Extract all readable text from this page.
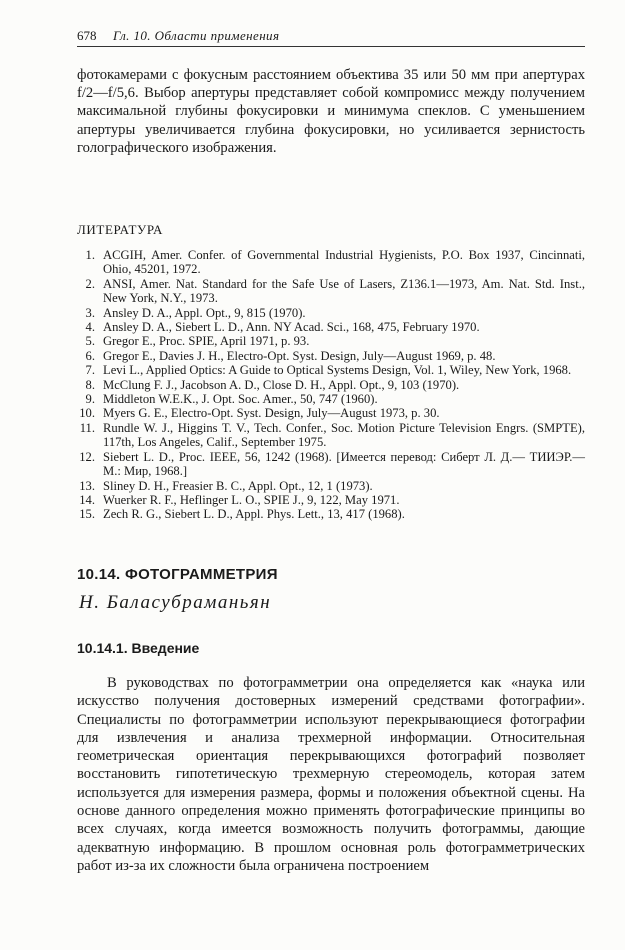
678 Гл. 10. Области применения
фотокамерами с фокусным расстоянием объектива 35 или 50 мм при апертурах f/2—f/5,6. Выбор апертуры представляет собой компромисс между получением максимальной глубины фокусировки и минимума спеклов. С уменьшением апертуры увеличивается глубина фокусировки, но усиливается зернистость голографического изображения.
ЛИТЕРАТУРА
1. ACGIH, Amer. Confer. of Governmental Industrial Hygienists, P.O. Box 1937, Cincinnati, Ohio, 45201, 1972.
2. ANSI, Amer. Nat. Standard for the Safe Use of Lasers, Z136.1—1973, Am. Nat. Std. Inst., New York, N.Y., 1973.
3. Ansley D. A., Appl. Opt., 9, 815 (1970).
4. Ansley D. A., Siebert L. D., Ann. NY Acad. Sci., 168, 475, February 1970.
5. Gregor E., Proc. SPIE, April 1971, p. 93.
6. Gregor E., Davies J. H., Electro-Opt. Syst. Design, July—August 1969, p. 48.
7. Levi L., Applied Optics: A Guide to Optical Systems Design, Vol. 1, Wiley, New York, 1968.
8. McClung F. J., Jacobson A. D., Close D. H., Appl. Opt., 9, 103 (1970).
9. Middleton W.E.K., J. Opt. Soc. Amer., 50, 747 (1960).
10. Myers G. E., Electro-Opt. Syst. Design, July—August 1973, p. 30.
11. Rundle W. J., Higgins T. V., Tech. Confer., Soc. Motion Picture Television Engrs. (SMPTE), 117th, Los Angeles, Calif., September 1975.
12. Siebert L. D., Proc. IEEE, 56, 1242 (1968). [Имеется перевод: Сиберт Л. Д.— ТИИЭР.— М.: Мир, 1968.]
13. Sliney D. H., Freasier B. C., Appl. Opt., 12, 1 (1973).
14. Wuerker R. F., Heflinger L. O., SPIE J., 9, 122, May 1971.
15. Zech R. G., Siebert L. D., Appl. Phys. Lett., 13, 417 (1968).
10.14. ФОТОГРАММЕТРИЯ
Н. Баласубраманьян
10.14.1. Введение
В руководствах по фотограмметрии она определяется как «наука или искусство получения достоверных измерений средствами фотографии». Специалисты по фотограмметрии используют перекрывающиеся фотографии для извлечения и анализа трехмерной информации. Относительная геометрическая ориентация перекрывающихся фотографий позволяет восстановить гипотетическую трехмерную стереомодель, которая затем используется для измерения размера, формы и положения объектной сцены. На основе данного определения можно применять фотографические принципы во всех случаях, когда имеется возможность получить фотограммы, дающие адекватную информацию. В прошлом основная роль фотограмметрических работ из-за их сложности была ограничена построением
